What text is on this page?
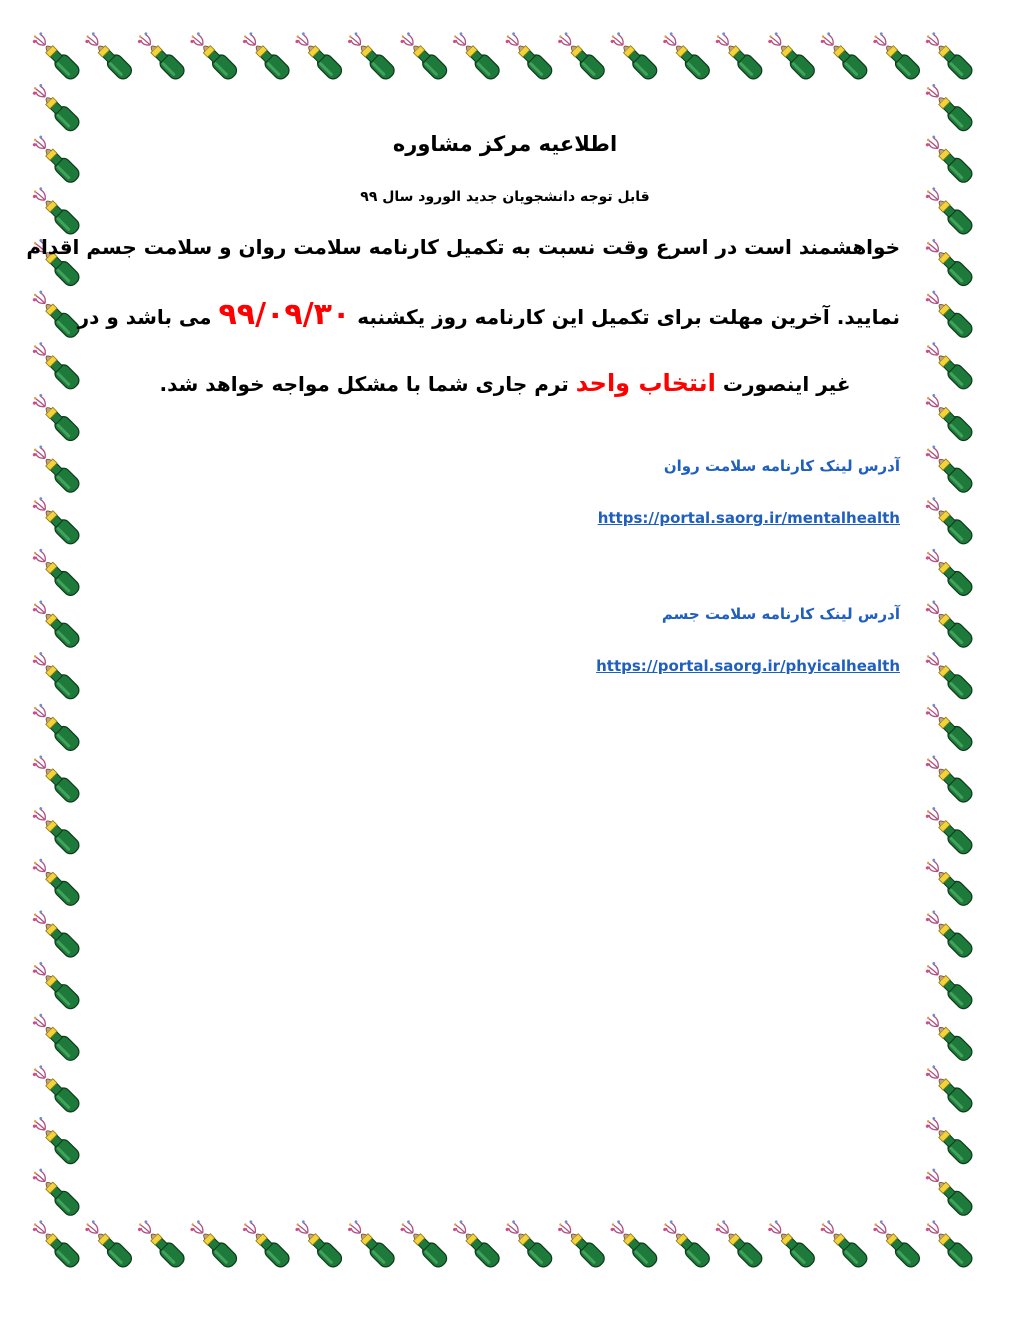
اطلاعیه مرکز مشاوره
قابل توجه دانشجویان جدید الورود سال ۹۹
خواهشمند است در اسرع وقت نسبت به تکمیل کارنامه سلامت روان و سلامت جسم اقدام
نمایید. آخرین مهلت برای تکمیل این کارنامه روز یکشنبه ۹۹/۰۹/۳۰ می باشد و در
غیر اینصورت انتخاب واحد ترم جاری شما با مشکل مواجه خواهد شد.
آدرس لینک کارنامه سلامت روان
https://portal.saorg.ir/mentalhealth
آدرس لینک کارنامه سلامت جسم
https://portal.saorg.ir/phyicalhealth
